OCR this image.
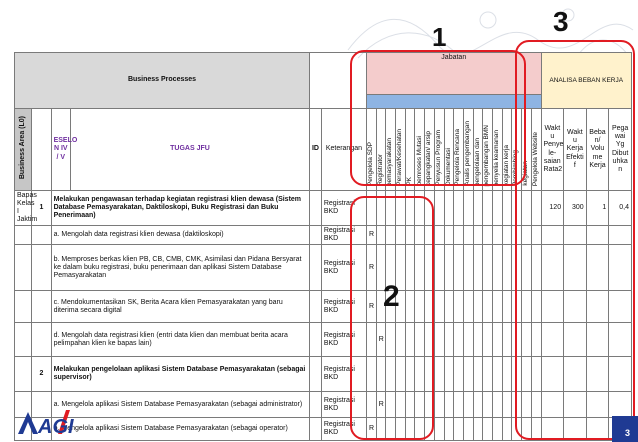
Business Processes						Jabatan																		ANALISA BEBAN KERJA			

Business Area (L0)		ESELO N IV / V	TUGAS JFU	ID	Keterangan	Pengelola SDP	Registrator	pemasyarakatan	Perawat/Kesehatan	PK	pemroses Mutasi	kepangkatan/ arsip	Penyusun Program	Dokumentasi	Pengelola Rencana	Analis pengembangan	pengelolaan dan	pengembangan BMN	penyelia keamanan	kegiatan kerja	Pembimbing	kegiatan	Pengelola Website	Wakt u Penye le- saian Rata2	Wakt u Kerja Efekti f	Beba n/ Volu me Kerja	Pega wai Yg Dibut uhka n
Bapas Kelas I Jaktim	1	Melakukan pengawasan terhadap kegiatan registrasi klien dewasa (Sistem Database Pemasyarakatan, Daktiloskopi, Buku Registrasi dan Buku Penerimaan)			Registrasi BKD																			120	300	1	0,4
		a. Mengolah data registrasi klien dewasa (daktiloskopi)			Registrasi BKD	R																					
		b. Memproses berkas klien PB, CB, CMB, CMK, Asimilasi dan Pidana Bersyarat ke dalam buku registrasi, buku penerimaan dan aplikasi Sistem Database Pemasyarakatan			Registrasi BKD	R																					
		c. Mendokumentasikan SK, Berita Acara klien Pemasyarakatan yang baru diterima secara digital			Registrasi BKD	R																					
		d. Mengolah data registrasi klien (entri data klien dan membuat berita acara pelimpahan klien ke bapas lain)			Registrasi BKD		R																				
	2	Melakukan pengelolaan aplikasi Sistem Database Pemasyarakatan (sebagai supervisor)			Registrasi BKD																						
		a. Mengelola aplikasi Sistem Database Pemasyarakatan (sebagai administrator)			Registrasi BKD		R																				
		b. Mengelola aplikasi Sistem Database Pemasyarakatan (sebagai operator)			Registrasi BKD	R																					
1
2
3
AGI	3
